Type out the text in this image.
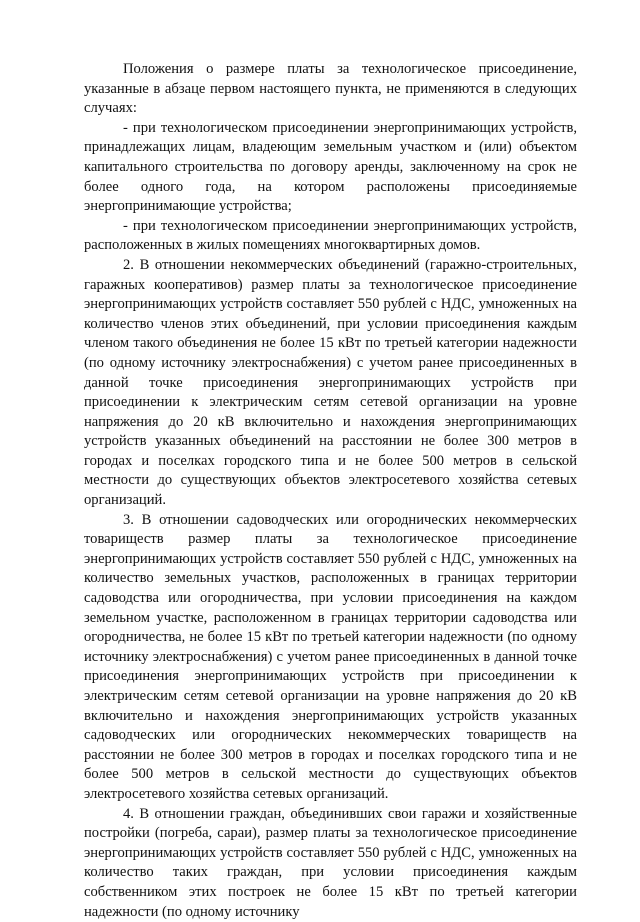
Положения о размере платы за технологическое присоединение, указанные в абзаце первом настоящего пункта, не применяются в следующих случаях:

- при технологическом присоединении энергопринимающих устройств, принадлежащих лицам, владеющим земельным участком и (или) объектом капитального строительства по договору аренды, заключенному на срок не более одного года, на котором расположены присоединяемые энергопринимающие устройства;

- при технологическом присоединении энергопринимающих устройств, расположенных в жилых помещениях многоквартирных домов.

2. В отношении некоммерческих объединений (гаражно-строительных, гаражных кооперативов) размер платы за технологическое присоединение энергопринимающих устройств составляет 550 рублей с НДС, умноженных на количество членов этих объединений, при условии присоединения каждым членом такого объединения не более 15 кВт по третьей категории надежности (по одному источнику электроснабжения) с учетом ранее присоединенных в данной точке присоединения энергопринимающих устройств при присоединении к электрическим сетям сетевой организации на уровне напряжения до 20 кВ включительно и нахождения энергопринимающих устройств указанных объединений на расстоянии не более 300 метров в городах и поселках городского типа и не более 500 метров в сельской местности до существующих объектов электросетевого хозяйства сетевых организаций.

3. В отношении садоводческих или огороднических некоммерческих товариществ размер платы за технологическое присоединение энергопринимающих устройств составляет 550 рублей с НДС, умноженных на количество земельных участков, расположенных в границах территории садоводства или огородничества, при условии присоединения на каждом земельном участке, расположенном в границах территории садоводства или огородничества, не более 15 кВт по третьей категории надежности (по одному источнику электроснабжения) с учетом ранее присоединенных в данной точке присоединения энергопринимающих устройств при присоединении к электрическим сетям сетевой организации на уровне напряжения до 20 кВ включительно и нахождения энергопринимающих устройств указанных садоводческих или огороднических некоммерческих товариществ на расстоянии не более 300 метров в городах и поселках городского типа и не более 500 метров в сельской местности до существующих объектов электросетевого хозяйства сетевых организаций.

4. В отношении граждан, объединивших свои гаражи и хозяйственные постройки (погреба, сараи), размер платы за технологическое присоединение энергопринимающих устройств составляет 550 рублей с НДС, умноженных на количество таких граждан, при условии присоединения каждым собственником этих построек не более 15 кВт по третьей категории надежности (по одному источнику
